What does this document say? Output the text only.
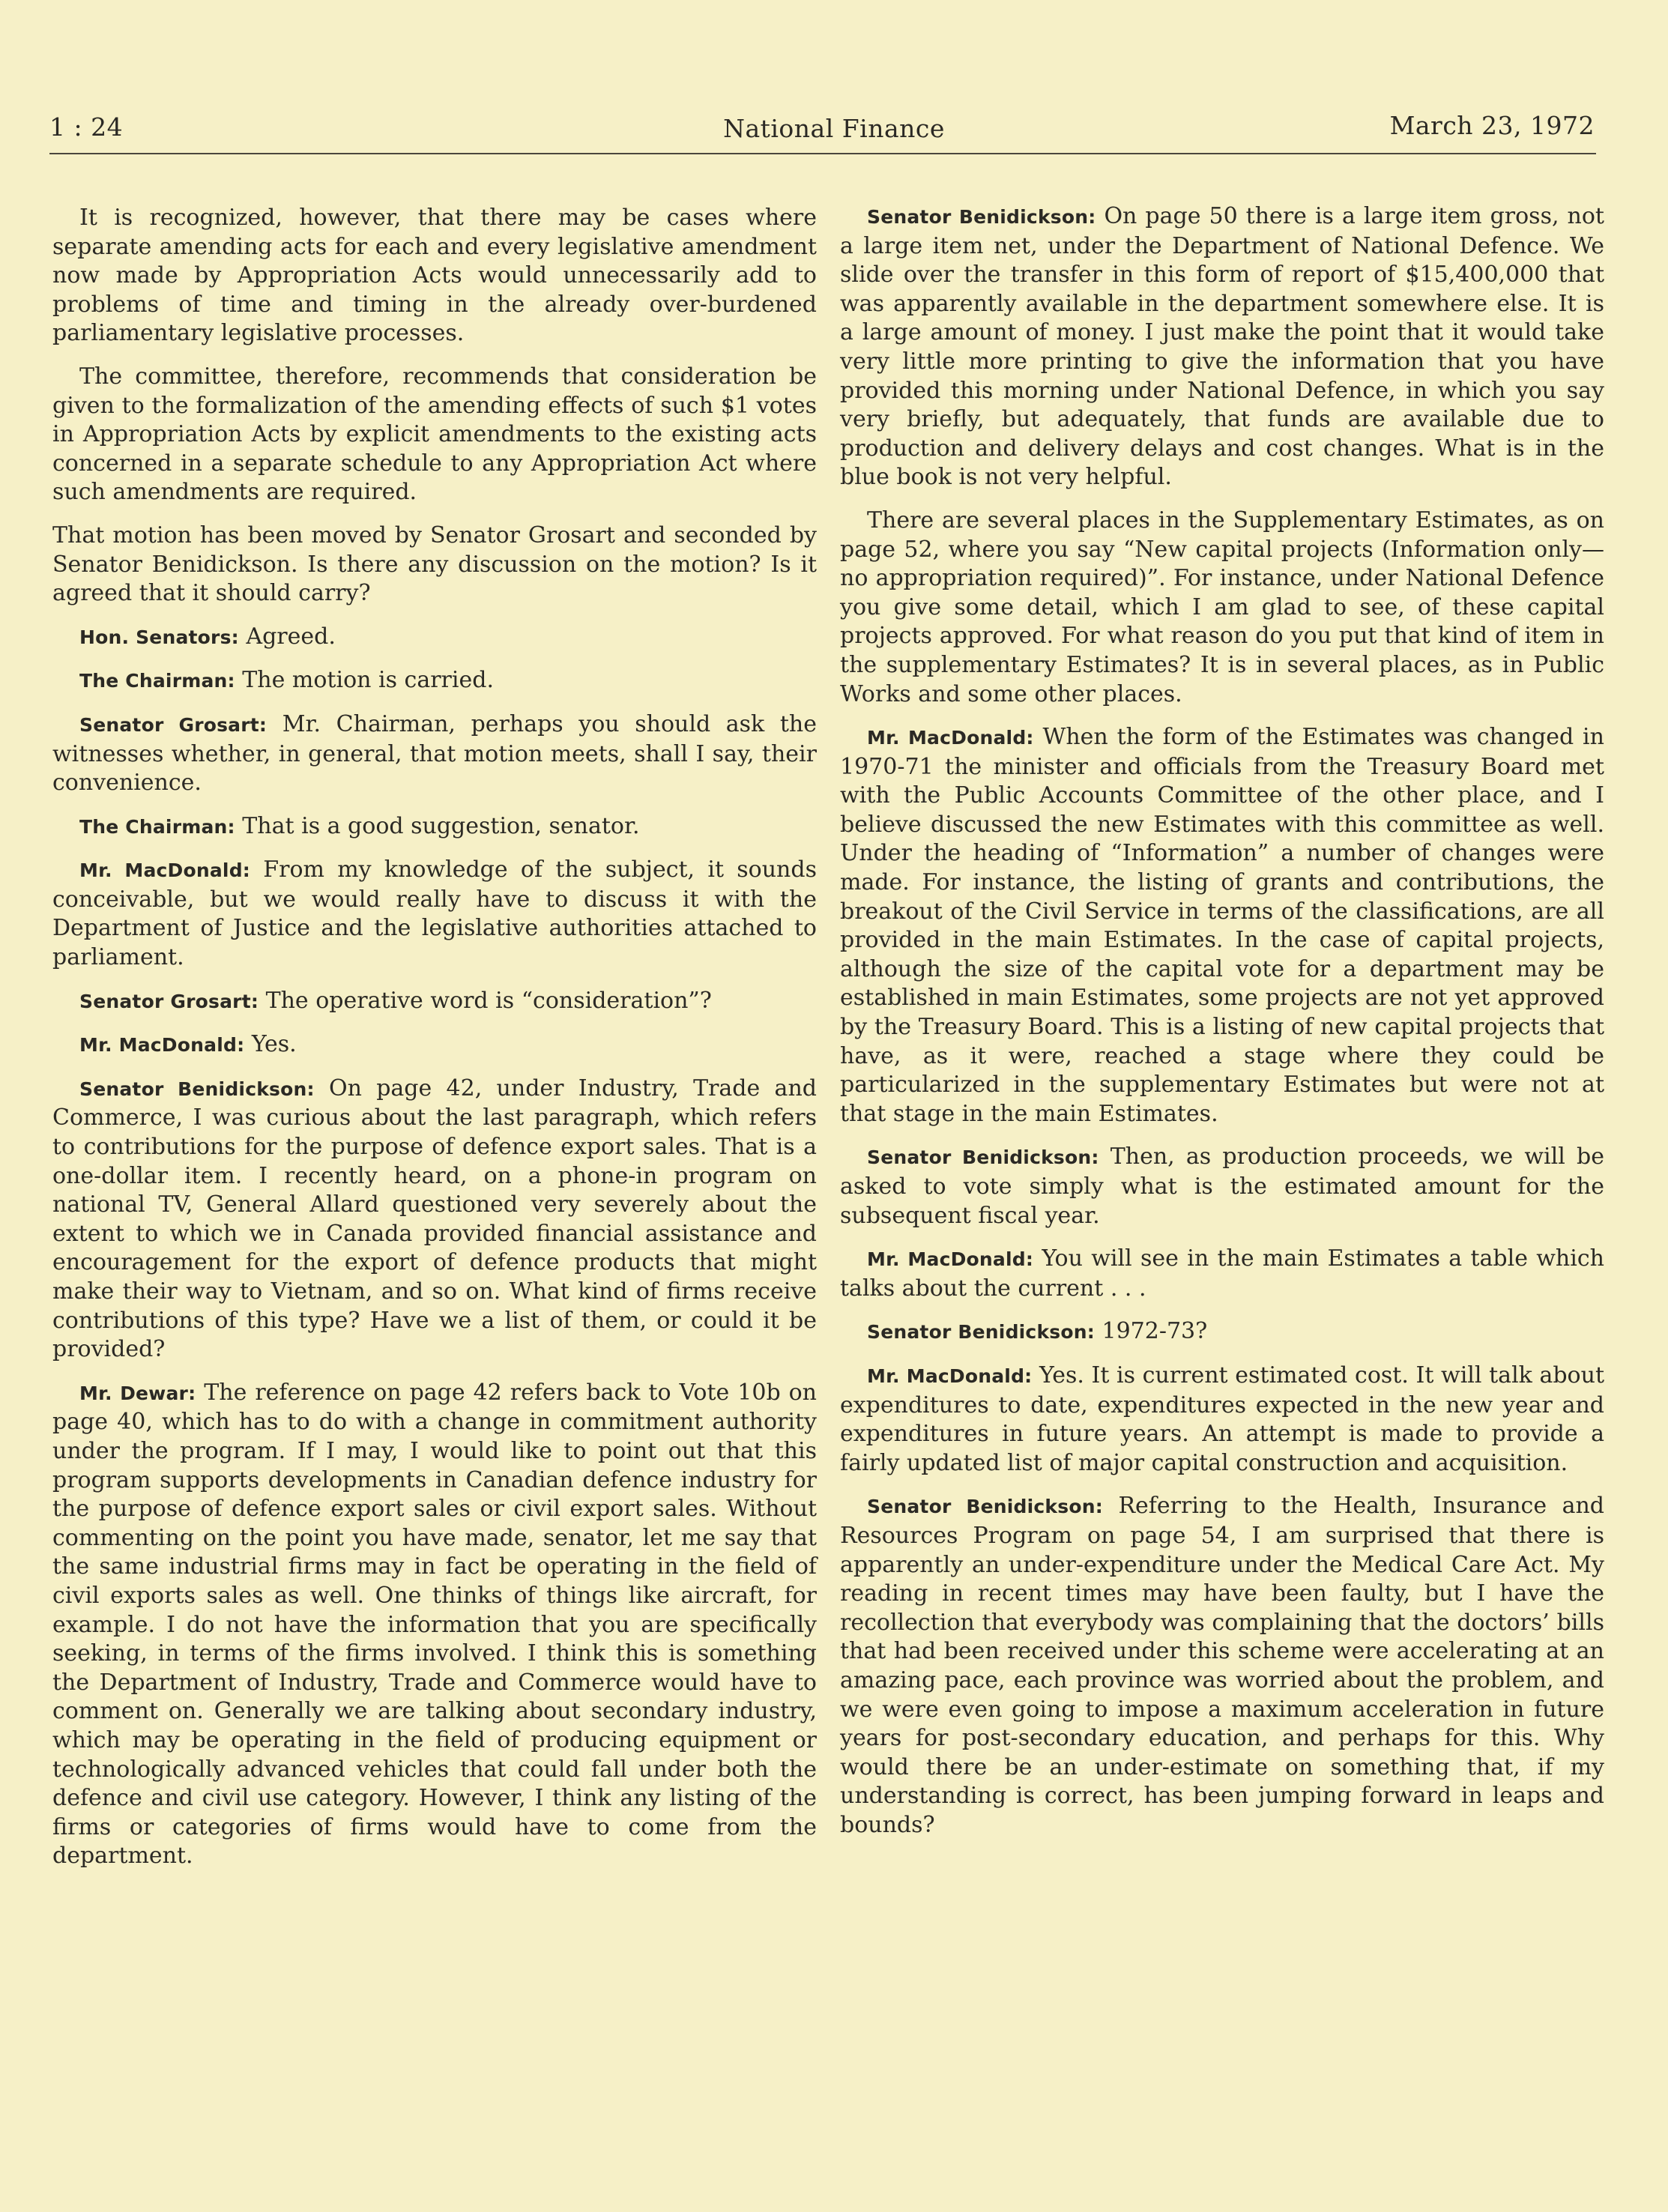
1 : 24	National Finance	March 23, 1972

It is recognized, however, that there may be cases where separate amending acts for each and every legislative amendment now made by Appropriation Acts would unnecessarily add to problems of time and timing in the already over-burdened parliamentary legislative processes.

The committee, therefore, recommends that consideration be given to the formalization of the amending effects of such $1 votes in Appropriation Acts by explicit amendments to the existing acts concerned in a separate schedule to any Appropriation Act where such amendments are required.

That motion has been moved by Senator Grosart and seconded by Senator Benidickson. Is there any discussion on the motion? Is it agreed that it should carry?

Hon. Senators: Agreed.

The Chairman: The motion is carried.

Senator Grosart: Mr. Chairman, perhaps you should ask the witnesses whether, in general, that motion meets, shall I say, their convenience.

The Chairman: That is a good suggestion, senator.

Mr. MacDonald: From my knowledge of the subject, it sounds conceivable, but we would really have to discuss it with the Department of Justice and the legislative authorities attached to parliament.

Senator Grosart: The operative word is “consideration”?

Mr. MacDonald: Yes.

Senator Benidickson: On page 42, under Industry, Trade and Commerce, I was curious about the last paragraph, which refers to contributions for the purpose of defence export sales. That is a one-dollar item. I recently heard, on a phone-in program on national TV, General Allard questioned very severely about the extent to which we in Canada provided financial assistance and encouragement for the export of defence products that might make their way to Vietnam, and so on. What kind of firms receive contributions of this type? Have we a list of them, or could it be provided?

Mr. Dewar: The reference on page 42 refers back to Vote 10b on page 40, which has to do with a change in commitment authority under the program. If I may, I would like to point out that this program supports developments in Canadian defence industry for the purpose of defence export sales or civil export sales. Without commenting on the point you have made, senator, let me say that the same industrial firms may in fact be operating in the field of civil exports sales as well. One thinks of things like aircraft, for example. I do not have the information that you are specifically seeking, in terms of the firms involved. I think this is something the Department of Industry, Trade and Commerce would have to comment on. Generally we are talking about secondary industry, which may be operating in the field of producing equipment or technologically advanced vehicles that could fall under both the defence and civil use category. However, I think any listing of the firms or categories of firms would have to come from the department.

Senator Benidickson: On page 50 there is a large item gross, not a large item net, under the Department of National Defence. We slide over the transfer in this form of report of $15,400,000 that was apparently available in the department somewhere else. It is a large amount of money. I just make the point that it would take very little more printing to give the information that you have provided this morning under National Defence, in which you say very briefly, but adequately, that funds are available due to production and delivery delays and cost changes. What is in the blue book is not very helpful.

There are several places in the Supplementary Estimates, as on page 52, where you say “New capital projects (Information only—no appropriation required)”. For instance, under National Defence you give some detail, which I am glad to see, of these capital projects approved. For what reason do you put that kind of item in the supplementary Estimates? It is in several places, as in Public Works and some other places.

Mr. MacDonald: When the form of the Estimates was changed in 1970-71 the minister and officials from the Treasury Board met with the Public Accounts Committee of the other place, and I believe discussed the new Estimates with this committee as well. Under the heading of “Information” a number of changes were made. For instance, the listing of grants and contributions, the breakout of the Civil Service in terms of the classifications, are all provided in the main Estimates. In the case of capital projects, although the size of the capital vote for a department may be established in main Estimates, some projects are not yet approved by the Treasury Board. This is a listing of new capital projects that have, as it were, reached a stage where they could be particularized in the supplementary Estimates but were not at that stage in the main Estimates.

Senator Benidickson: Then, as production proceeds, we will be asked to vote simply what is the estimated amount for the subsequent fiscal year.

Mr. MacDonald: You will see in the main Estimates a table which talks about the current . . .

Senator Benidickson: 1972-73?

Mr. MacDonald: Yes. It is current estimated cost. It will talk about expenditures to date, expenditures expected in the new year and expenditures in future years. An attempt is made to provide a fairly updated list of major capital construction and acquisition.

Senator Benidickson: Referring to the Health, Insurance and Resources Program on page 54, I am surprised that there is apparently an under-expenditure under the Medical Care Act. My reading in recent times may have been faulty, but I have the recollection that everybody was complaining that the doctors’ bills that had been received under this scheme were accelerating at an amazing pace, each province was worried about the problem, and we were even going to impose a maximum acceleration in future years for post-secondary education, and perhaps for this. Why would there be an under-estimate on something that, if my understanding is correct, has been jumping forward in leaps and bounds?
